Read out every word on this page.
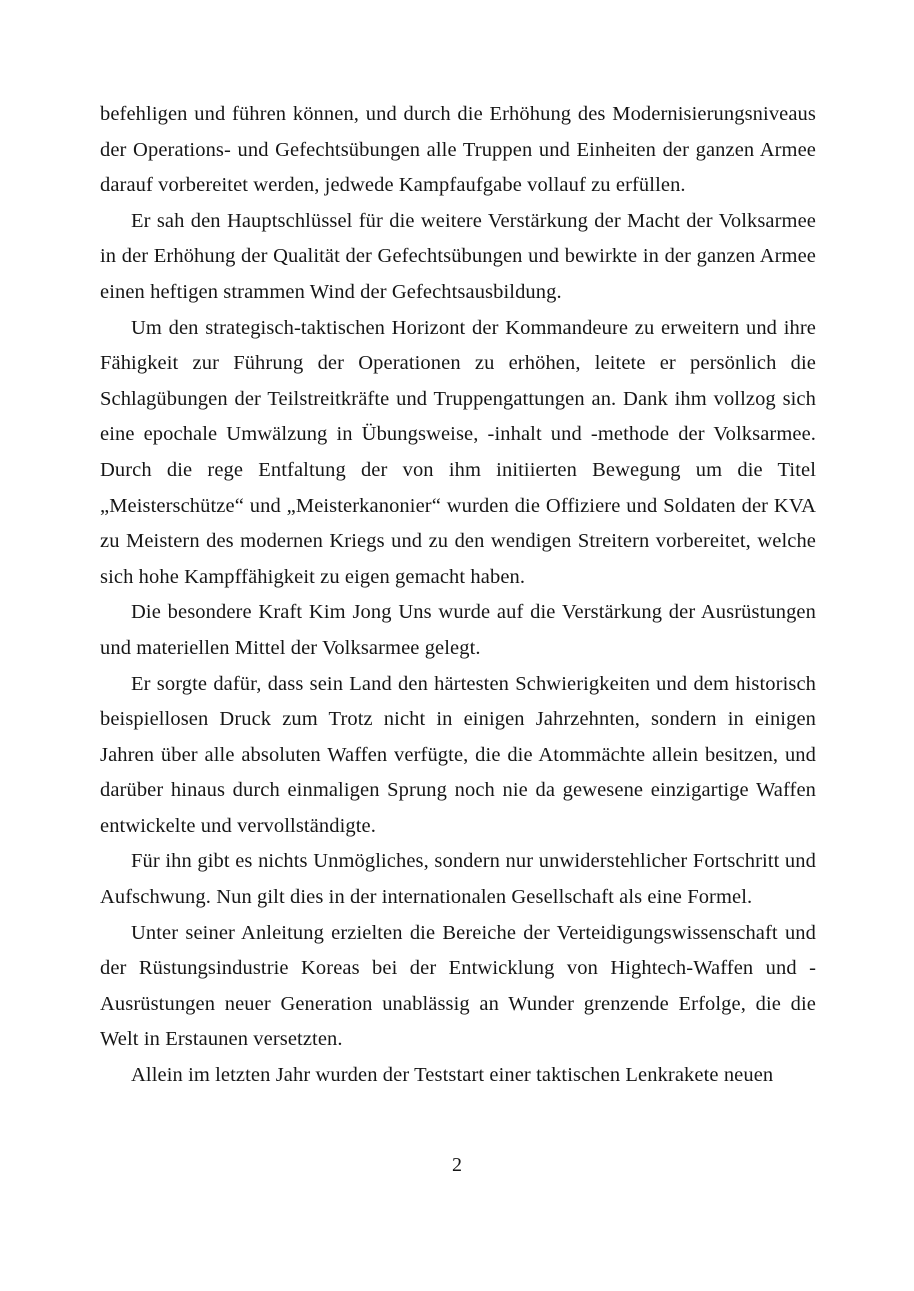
befehligen und führen können, und durch die Erhöhung des Modernisierungsniveaus der Operations- und Gefechtsübungen alle Truppen und Einheiten der ganzen Armee darauf vorbereitet werden, jedwede Kampfaufgabe vollauf zu erfüllen.

Er sah den Hauptschlüssel für die weitere Verstärkung der Macht der Volksarmee in der Erhöhung der Qualität der Gefechtsübungen und bewirkte in der ganzen Armee einen heftigen strammen Wind der Gefechtsausbildung.

Um den strategisch-taktischen Horizont der Kommandeure zu erweitern und ihre Fähigkeit zur Führung der Operationen zu erhöhen, leitete er persönlich die Schlagübungen der Teilstreitkräfte und Truppengattungen an. Dank ihm vollzog sich eine epochale Umwälzung in Übungsweise, -inhalt und -methode der Volksarmee. Durch die rege Entfaltung der von ihm initiierten Bewegung um die Titel „Meisterschütze“ und „Meisterkanonier“ wurden die Offiziere und Soldaten der KVA zu Meistern des modernen Kriegs und zu den wendigen Streitern vorbereitet, welche sich hohe Kampffähigkeit zu eigen gemacht haben.

Die besondere Kraft Kim Jong Uns wurde auf die Verstärkung der Ausrüstungen und materiellen Mittel der Volksarmee gelegt.

Er sorgte dafür, dass sein Land den härtesten Schwierigkeiten und dem historisch beispiellosen Druck zum Trotz nicht in einigen Jahrzehnten, sondern in einigen Jahren über alle absoluten Waffen verfügte, die die Atommächte allein besitzen, und darüber hinaus durch einmaligen Sprung noch nie da gewesene einzigartige Waffen entwickelte und vervollständigte.

Für ihn gibt es nichts Unmögliches, sondern nur unwiderstehlicher Fortschritt und Aufschwung. Nun gilt dies in der internationalen Gesellschaft als eine Formel.

Unter seiner Anleitung erzielten die Bereiche der Verteidigungswissenschaft und der Rüstungsindustrie Koreas bei der Entwicklung von Hightech-Waffen und -Ausrüstungen neuer Generation unablässig an Wunder grenzende Erfolge, die die Welt in Erstaunen versetzten.

Allein im letzten Jahr wurden der Teststart einer taktischen Lenkrakete neuen

2
